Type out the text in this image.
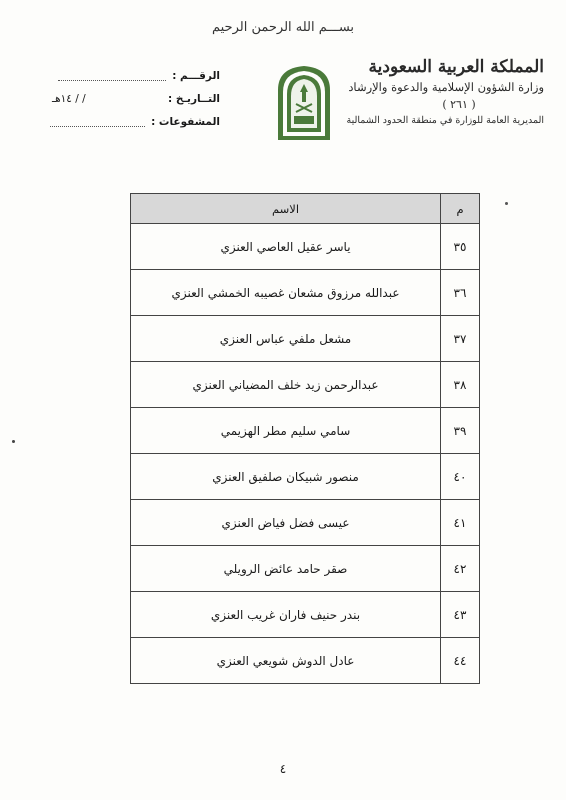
بســـم الله الرحمن الرحيم
المملكة العربية السعودية
وزارة الشؤون الإسلامية والدعوة والإرشاد
( ٢٦١ )
المديرية العامة للوزارة في منطقة الحدود الشمالية
الرقـــم :
التــاريـخ :
/ / ١٤هـ
المشفوعات :
م	الاسم
٣٥	ياسر عقيل العاصي العنزي
٣٦	عبدالله مرزوق مشعان غصيبه الخمشي العنزي
٣٧	مشعل ملفي عباس العنزي
٣٨	عبدالرحمن زيد خلف المضياني العنزي
٣٩	سامي سليم مطر الهزيمي
٤٠	منصور شبيكان صلفيق العنزي
٤١	عيسى فضل فياض العنزي
٤٢	صقر حامد عائض الرويلي
٤٣	بندر حنيف فاران غريب العنزي
٤٤	عادل الدوش شويعي العنزي
٤
